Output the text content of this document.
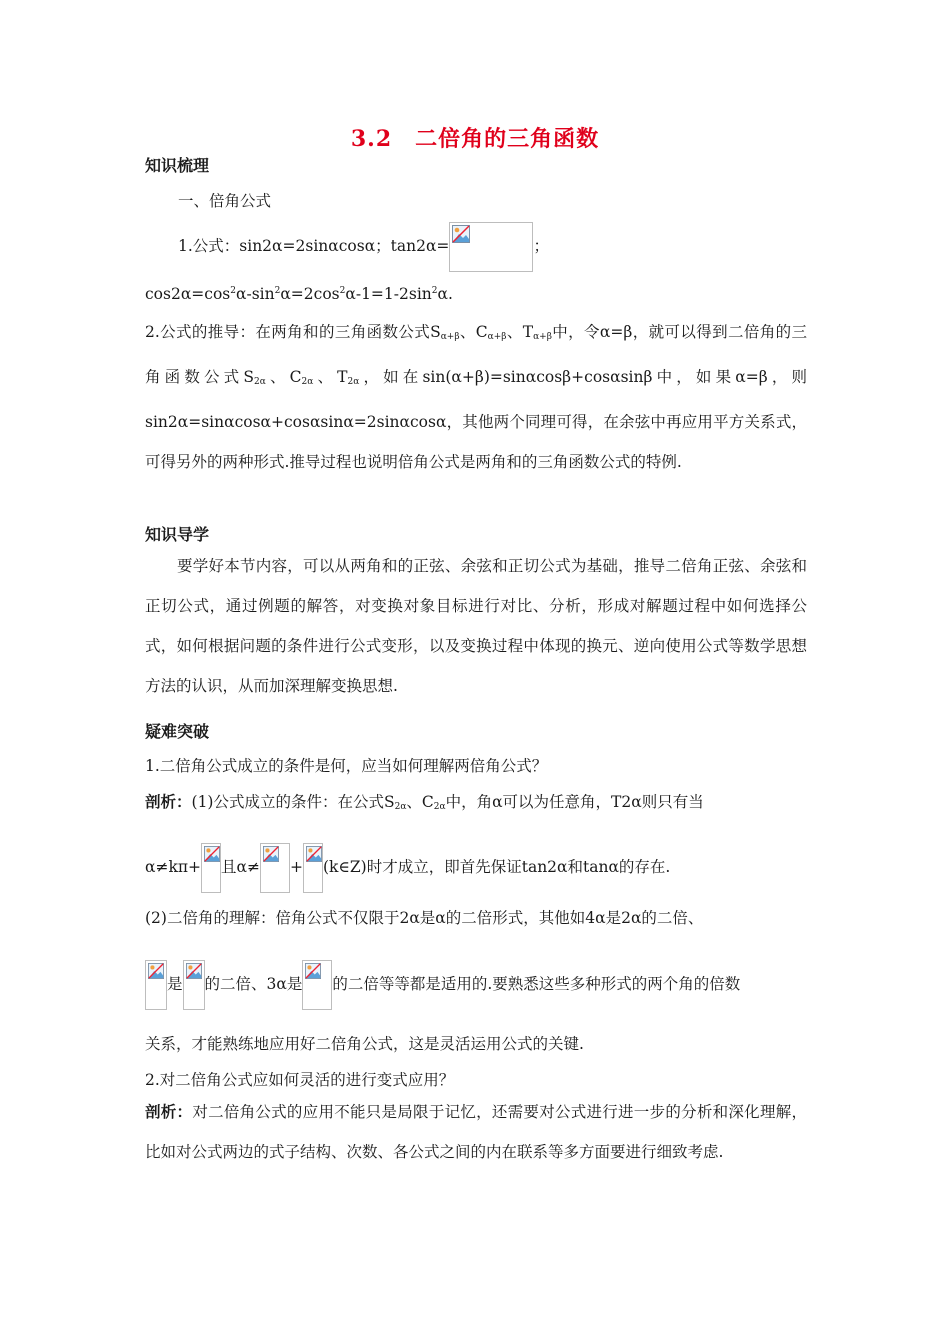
3.2　二倍角的三角函数
知识梳理
一、倍角公式
1.公式：sin2α=2sinαcosα；tan2α=	；
$\cos 2\alpha=\cos^2\alpha-\sin^2\alpha=2\cos^2\alpha-1=1-2\sin^2\alpha$.
2.公式的推导：在两角和的三角函数公式$S_{\alpha+\beta}$、$C_{\alpha+\beta}$、$T_{\alpha+\beta}$中，令α=β，就可以得到二倍角的三角函数公式$S_{2\alpha}$、$C_{2\alpha}$、$T_{2\alpha}$，如在sin(α+β)=sinαcosβ+cosαsinβ中，如果α=β，则sin2α=sinαcosα+cosαsinα=2sinαcosα，其他两个同理可得，在余弦中再应用平方关系式，可得另外的两种形式.推导过程也说明倍角公式是两角和的三角函数公式的特例.
知识导学
要学好本节内容，可以从两角和的正弦、余弦和正切公式为基础，推导二倍角正弦、余弦和正切公式，通过例题的解答，对变换对象目标进行对比、分析，形成对解题过程中如何选择公式，如何根据问题的条件进行公式变形，以及变换过程中体现的换元、逆向使用公式等数学思想方法的认识，从而加深理解变换思想.
疑难突破
1.二倍角公式成立的条件是何，应当如何理解两倍角公式？
剖析：(1)公式成立的条件：在公式$S_{2\alpha}$、$C_{2\alpha}$中，角α可以为任意角，T2α则只有当
α≠kπ+ 且α≠ + (k∈Z)时才成立，即首先保证tan2α和tanα的存在.
(2)二倍角的理解：倍角公式不仅限于2α是α的二倍形式，其他如4α是2α的二倍、
是 的二倍、3α是 的二倍等等都是适用的.要熟悉这些多种形式的两个角的倍数
关系，才能熟练地应用好二倍角公式，这是灵活运用公式的关键.
2.对二倍角公式应如何灵活的进行变式应用？
剖析：对二倍角公式的应用不能只是局限于记忆，还需要对公式进行进一步的分析和深化理解，比如对公式两边的式子结构、次数、各公式之间的内在联系等多方面要进行细致考虑.
